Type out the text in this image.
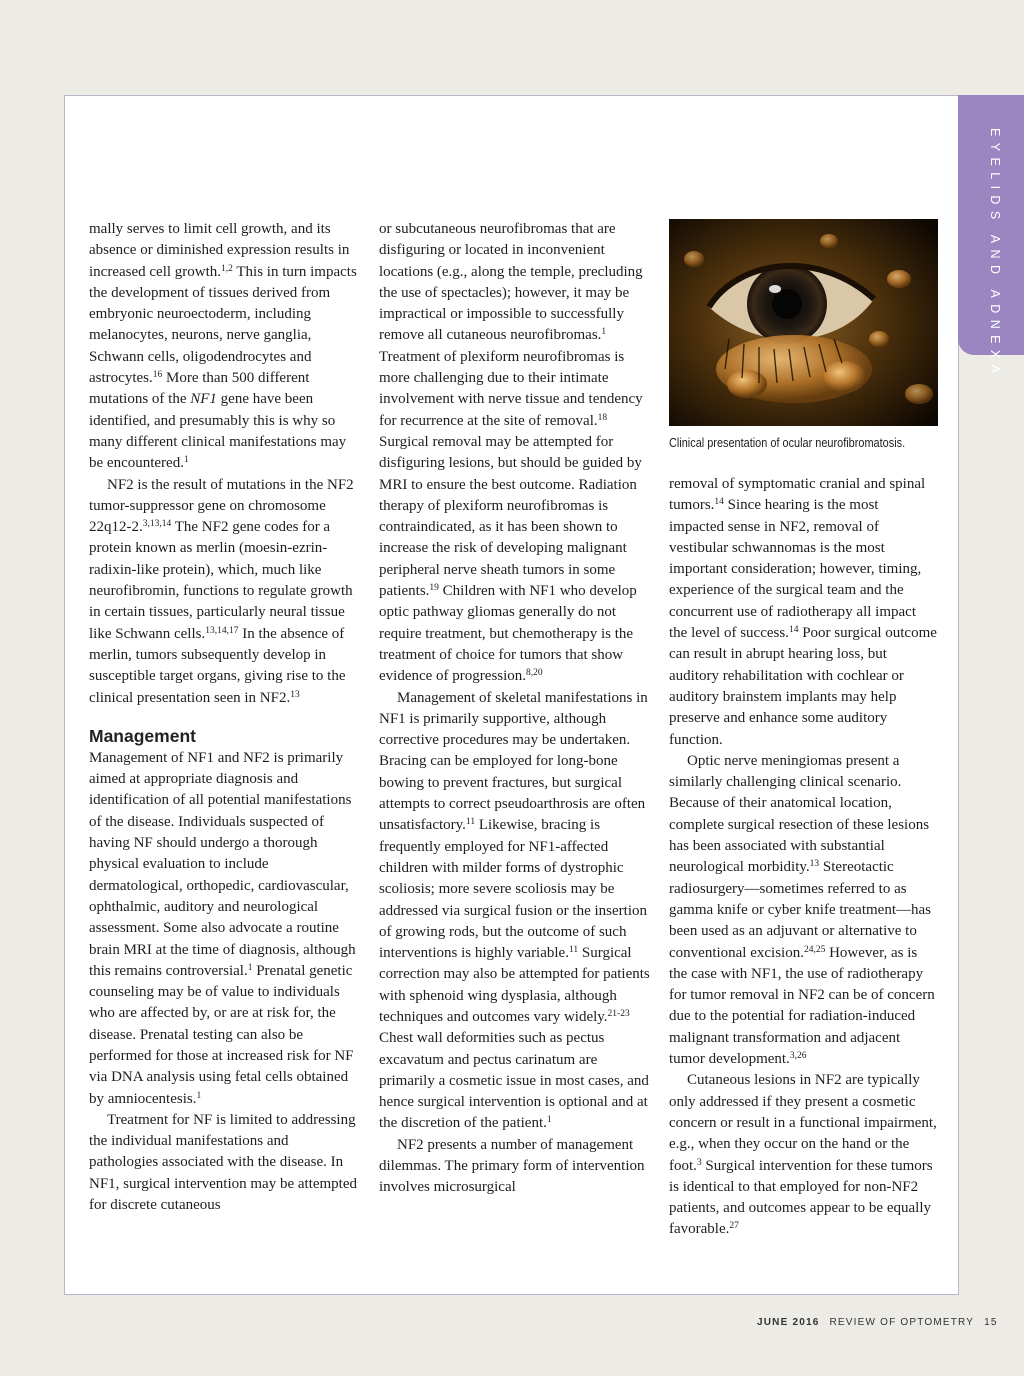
EYELIDS AND ADNEXA

mally serves to limit cell growth, and its absence or diminished expression results in increased cell growth.$^{1,2}$ This in turn impacts the development of tissues derived from embryonic neuroectoderm, including melanocytes, neurons, nerve ganglia, Schwann cells, oligodendrocytes and astrocytes.$^{16}$ More than 500 different mutations of the NF1 gene have been identified, and presumably this is why so many different clinical manifestations may be encountered.$^1$

NF2 is the result of mutations in the NF2 tumor-suppressor gene on chromosome 22q12-2.$^{3,13,14}$ The NF2 gene codes for a protein known as merlin (moesin-ezrin-radixin-like protein), which, much like neurofibromin, functions to regulate growth in certain tissues, particularly neural tissue like Schwann cells.$^{13,14,17}$ In the absence of merlin, tumors subsequently develop in susceptible target organs, giving rise to the clinical presentation seen in NF2.13

Management

Management of NF1 and NF2 is primarily aimed at appropriate diagnosis and identification of all potential manifestations of the disease. Individuals suspected of having NF should undergo a thorough physical evaluation to include dermatological, orthopedic, cardiovascular, ophthalmic, auditory and neurological assessment. Some also advocate a routine brain MRI at the time of diagnosis, although this remains controversial.$^1$ Prenatal genetic counseling may be of value to individuals who are affected by, or are at risk for, the disease. Prenatal testing can also be performed for those at increased risk for NF via DNA analysis using fetal cells obtained by amniocentesis.$^1$

Treatment for NF is limited to addressing the individual manifestations and pathologies associated with the disease. In NF1, surgical intervention may be attempted for discrete cutaneous

or subcutaneous neurofibromas that are disfiguring or located in inconvenient locations (e.g., along the temple, precluding the use of spectacles); however, it may be impractical or impossible to successfully remove all cutaneous neurofibromas.$^1$ Treatment of plexiform neurofibromas is more challenging due to their intimate involvement with nerve tissue and tendency for recurrence at the site of removal.$^{18}$ Surgical removal may be attempted for disfiguring lesions, but should be guided by MRI to ensure the best outcome. Radiation therapy of plexiform neurofibromas is contraindicated, as it has been shown to increase the risk of developing malignant peripheral nerve sheath tumors in some patients.$^{19}$ Children with NF1 who develop optic pathway gliomas generally do not require treatment, but chemotherapy is the treatment of choice for tumors that show evidence of progression.$^{8,20}$

Management of skeletal manifestations in NF1 is primarily supportive, although corrective procedures may be undertaken. Bracing can be employed for long-bone bowing to prevent fractures, but surgical attempts to correct pseudoarthrosis are often unsatisfactory.$^{11}$ Likewise, bracing is frequently employed for NF1-affected children with milder forms of dystrophic scoliosis; more severe scoliosis may be addressed via surgical fusion or the insertion of growing rods, but the outcome of such interventions is highly variable.$^{11}$ Surgical correction may also be attempted for patients with sphenoid wing dysplasia, although techniques and outcomes vary widely.$^{21-23}$ Chest wall deformities such as pectus excavatum and pectus carinatum are primarily a cosmetic issue in most cases, and hence surgical intervention is optional and at the discretion of the patient.$^1$

NF2 presents a number of management dilemmas. The primary form of intervention involves microsurgical

Clinical presentation of ocular neurofibromatosis.

removal of symptomatic cranial and spinal tumors.$^{14}$ Since hearing is the most impacted sense in NF2, removal of vestibular schwannomas is the most important consideration; however, timing, experience of the surgical team and the concurrent use of radiotherapy all impact the level of success.$^{14}$ Poor surgical outcome can result in abrupt hearing loss, but auditory rehabilitation with cochlear or auditory brainstem implants may help preserve and enhance some auditory function.

Optic nerve meningiomas present a similarly challenging clinical scenario. Because of their anatomical location, complete surgical resection of these lesions has been associated with substantial neurological morbidity.$^{13}$ Stereotactic radiosurgery—sometimes referred to as gamma knife or cyber knife treatment—has been used as an adjuvant or alternative to conventional excision.$^{24,25}$ However, as is the case with NF1, the use of radiotherapy for tumor removal in NF2 can be of concern due to the potential for radiation-induced malignant transformation and adjacent tumor development.$^{3,26}$

Cutaneous lesions in NF2 are typically only addressed if they present a cosmetic concern or result in a functional impairment, e.g., when they occur on the hand or the foot.$^3$ Surgical intervention for these tumors is identical to that employed for non-NF2 patients, and outcomes appear to be equally favorable.$^{27}$

JUNE 2016 REVIEW OF OPTOMETRY 15
